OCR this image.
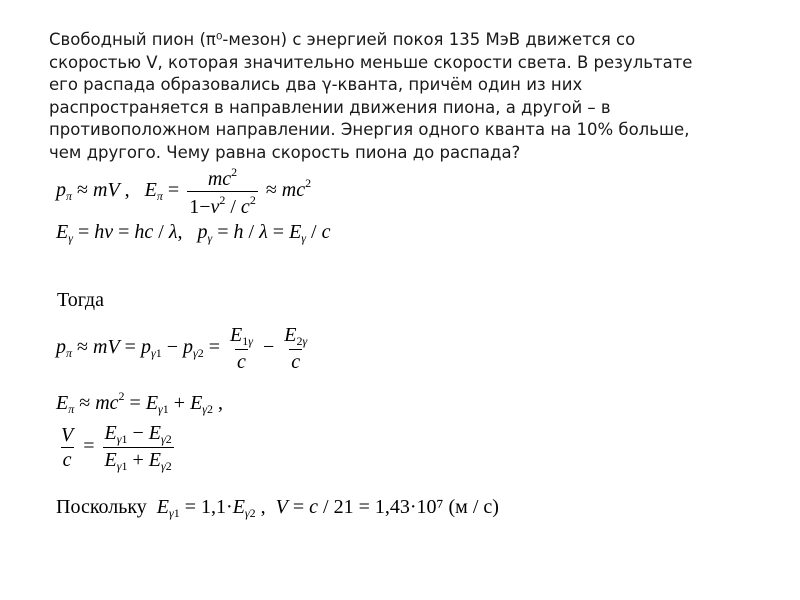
Свободный пион (π⁰-мезон) с энергией покоя 135 МэВ движется со

скоростью V, которая значительно меньше скорости света. В результате

его распада образовались два γ-кванта, причём один из них

распространяется в направлении движения пиона, а другой – в

противоположном направлении. Энергия одного кванта на 10% больше,

чем другого. Чему равна скорость пиона до распада?

$p_\pi$ ≈ mV ,   $E_\pi = \frac{mc^2}{1-v^2 / c^2} \approx mc^2$
$E_\gamma = h\nu$ = hc / λ,   $p_\gamma = h / \lambda = E_\gamma / c$
Тогда
$p_\pi$ ≈ mV = $p_{\gamma 1} - p_{\gamma 2} = \frac{E_{1\gamma}}{c} - \frac{E_{2\gamma}}{c}$
$E_\pi \approx mc^2 = E_{\gamma 1} + E_{\gamma 2}$ ,
$\frac{V}{c} = \frac{E_{\gamma 1} - E_{\gamma 2}}{E_{\gamma 1} + E_{\gamma 2}}$
Поскольку $E_{\gamma 1} = 1,1\cdot E_{\gamma 2}$ ,  V = c / 21 = 1,43·10⁷ (м / с)
